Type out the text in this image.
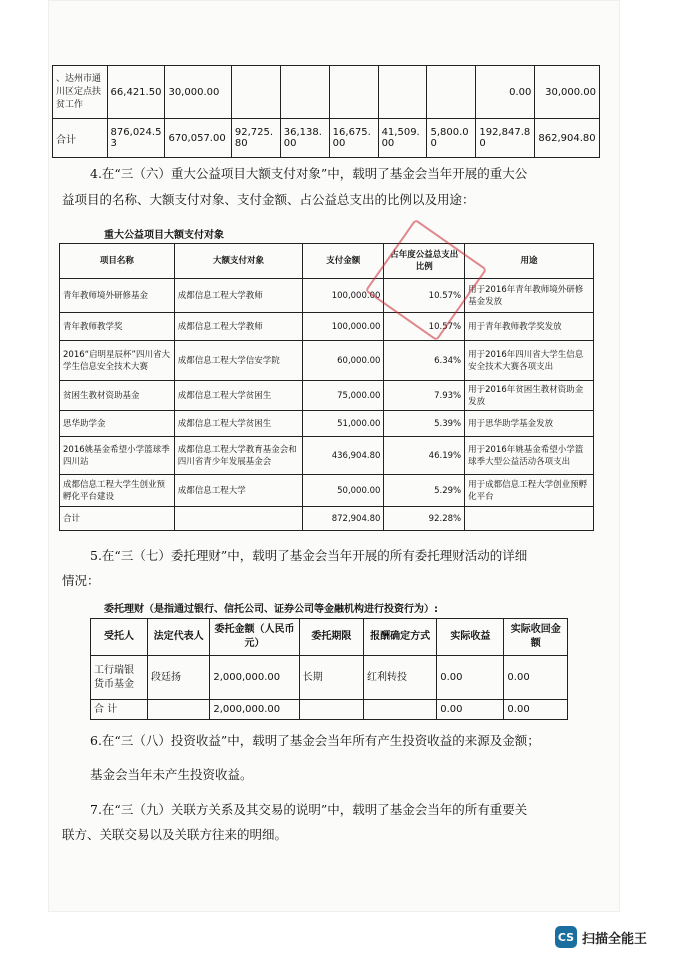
、达州市通川区定点扶贫工作	66,421.50	30,000.00						0.00	30,000.00
合计	876,024.53	670,057.00	92,725.80	36,138.00	16,675.00	41,509.00	5,800.00	192,847.80	862,904.80
4.在“三（六）重大公益项目大额支付对象”中，载明了基金会当年开展的重大公
益项目的名称、大额支付对象、支付金额、占公益总支出的比例以及用途：
重大公益项目大额支付对象
项目名称	大额支付对象	支付金额	占年度公益总支出比例	用途
青年教师境外研修基金	成都信息工程大学教师	100,000.00	10.57%	用于2016年青年教师境外研修基金发放
青年教师教学奖	成都信息工程大学教师	100,000.00	10.57%	用于青年教师教学奖发放
2016“启明星辰杯”四川省大学生信息安全技术大赛	成都信息工程大学信安学院	60,000.00	6.34%	用于2016年四川省大学生信息安全技术大赛各项支出
贫困生教材资助基金	成都信息工程大学贫困生	75,000.00	7.93%	用于2016年贫困生教材资助金发放
思华助学金	成都信息工程大学贫困生	51,000.00	5.39%	用于思华助学基金发放
2016姚基金希望小学篮球季四川站	成都信息工程大学教育基金会和四川省青少年发展基金会	436,904.80	46.19%	用于2016年姚基金希望小学篮球季大型公益活动各项支出
成都信息工程大学生创业预孵化平台建设	成都信息工程大学	50,000.00	5.29%	用于成都信息工程大学创业预孵化平台
合计		872,904.80	92.28%	
5.在“三（七）委托理财”中，载明了基金会当年开展的所有委托理财活动的详细
情况：
委托理财（是指通过银行、信托公司、证券公司等金融机构进行投资行为）:
受托人	法定代表人	委托金额（人民币元）	委托期限	报酬确定方式	实际收益	实际收回金额
工行瑞银货币基金	段廷扬	2,000,000.00	长期	红利转投	0.00	0.00
合 计		2,000,000.00			0.00	0.00
6.在“三（八）投资收益”中，载明了基金会当年所有产生投资收益的来源及金额；
基金会当年未产生投资收益。
7.在“三（九）关联方关系及其交易的说明”中，载明了基金会当年的所有重要关
联方、关联交易以及关联方往来的明细。
CS 扫描全能王
